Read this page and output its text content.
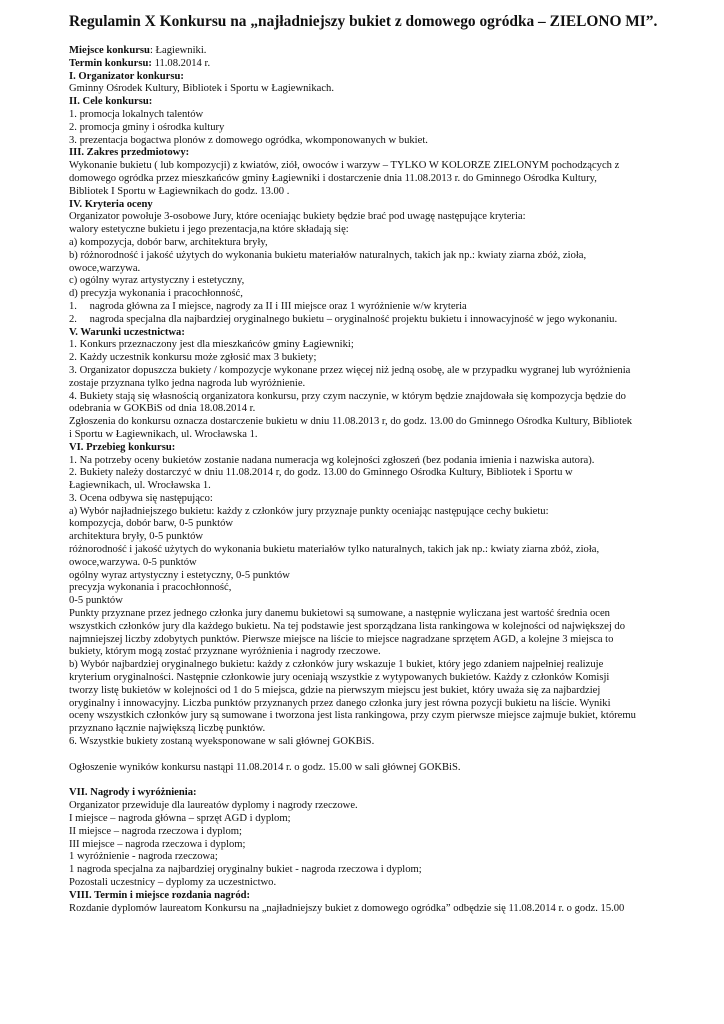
Regulamin X Konkursu na „najładniejszy bukiet z domowego ogródka – ZIELONO MI”.
Miejsce konkursu: Łagiewniki.
Termin konkursu: 11.08.2014 r.
I. Organizator konkursu:
Gminny Ośrodek Kultury, Bibliotek i Sportu w Łagiewnikach.
II. Cele konkursu:
1. promocja lokalnych talentów
2. promocja gminy i ośrodka kultury
3. prezentacja bogactwa plonów z domowego ogródka, wkomponowanych w bukiet.
III. Zakres przedmiotowy:
Wykonanie bukietu ( lub kompozycji) z kwiatów, ziół, owoców i warzyw – TYLKO W KOLORZE ZIELONYM pochodzących z
domowego ogródka przez mieszkańców gminy Łagiewniki i dostarczenie dnia 11.08.2013 r. do Gminnego Ośrodka Kultury,
Bibliotek I Sportu w Łagiewnikach do godz. 13.00 .
IV. Kryteria oceny
Organizator powołuje 3-osobowe Jury, które oceniając bukiety będzie brać pod uwagę następujące kryteria:
walory estetyczne bukietu i jego prezentacja,na które składają się:
a) kompozycja, dobór barw, architektura bryły,
b) różnorodność i jakość użytych do wykonania bukietu materiałów naturalnych, takich jak np.: kwiaty ziarna zbóż, zioła,
owoce,warzywa.
c) ogólny wyraz artystyczny i estetyczny,
d) precyzja wykonania i pracochłonność,
1. nagroda główna za I miejsce, nagrody za II i III miejsce oraz 1 wyróżnienie w/w kryteria
2. nagroda specjalna dla najbardziej oryginalnego bukietu – oryginalność projektu bukietu i innowacyjność w jego wykonaniu.
V. Warunki uczestnictwa:
1. Konkurs przeznaczony jest dla mieszkańców gminy Łagiewniki;
2. Każdy uczestnik konkursu może zgłosić max 3 bukiety;
3. Organizator dopuszcza bukiety / kompozycje wykonane przez więcej niż jedną osobę, ale w przypadku wygranej lub wyróżnienia
zostaje przyznana tylko jedna nagroda lub wyróżnienie.
4. Bukiety stają się własnością organizatora konkursu, przy czym naczynie, w którym będzie znajdowała się kompozycja będzie do
odebrania w GOKBiS od dnia 18.08.2014 r.
Zgłoszenia do konkursu oznacza dostarczenie bukietu w dniu 11.08.2013 r, do godz. 13.00 do Gminnego Ośrodka Kultury, Bibliotek
i Sportu w Łagiewnikach, ul. Wrocławska 1.
VI. Przebieg konkursu:
1. Na potrzeby oceny bukietów zostanie nadana numeracja wg kolejności zgłoszeń (bez podania imienia i nazwiska autora).
2. Bukiety należy dostarczyć w dniu 11.08.2014 r, do godz. 13.00 do Gminnego Ośrodka Kultury, Bibliotek i Sportu w
Łagiewnikach, ul. Wrocławska 1.
3. Ocena odbywa się następująco:
a) Wybór najładniejszego bukietu: każdy z członków jury przyznaje punkty oceniając następujące cechy bukietu:
kompozycja, dobór barw, 0-5 punktów
architektura bryły, 0-5 punktów
różnorodność i jakość użytych do wykonania bukietu materiałów tylko naturalnych, takich jak np.: kwiaty ziarna zbóż, zioła,
owoce,warzywa. 0-5 punktów
ogólny wyraz artystyczny i estetyczny, 0-5 punktów
precyzja wykonania i pracochłonność,
0-5 punktów
Punkty przyznane przez jednego członka jury danemu bukietowi są sumowane, a następnie wyliczana jest wartość średnia ocen
wszystkich członków jury dla każdego bukietu. Na tej podstawie jest sporządzana lista rankingowa w kolejności od największej do
najmniejszej liczby zdobytych punktów. Pierwsze miejsce na liście to miejsce nagradzane sprzętem AGD, a kolejne 3 miejsca to
bukiety, którym mogą zostać przyznane wyróżnienia i nagrody rzeczowe.
b) Wybór najbardziej oryginalnego bukietu: każdy z członków jury wskazuje 1 bukiet, który jego zdaniem najpełniej realizuje
kryterium oryginalności. Następnie członkowie jury oceniają wszystkie z wytypowanych bukietów. Każdy z członków Komisji
tworzy listę bukietów w kolejności od 1 do 5 miejsca, gdzie na pierwszym miejscu jest bukiet, który uważa się za najbardziej
oryginalny i innowacyjny. Liczba punktów przyznanych przez danego członka jury jest równa pozycji bukietu na liście. Wyniki
oceny wszystkich członków jury są sumowane i tworzona jest lista rankingowa, przy czym pierwsze miejsce zajmuje bukiet, któremu
przyznano łącznie największą liczbę punktów.
6. Wszystkie bukiety zostaną wyeksponowane w sali głównej GOKBiS.
Ogłoszenie wyników konkursu nastąpi 11.08.2014 r. o godz. 15.00 w sali głównej GOKBiS.
VII. Nagrody i wyróżnienia:
Organizator przewiduje dla laureatów dyplomy i nagrody rzeczowe.
I miejsce – nagroda główna – sprzęt AGD i dyplom;
II miejsce – nagroda rzeczowa i dyplom;
III miejsce – nagroda rzeczowa i dyplom;
1 wyróżnienie - nagroda rzeczowa;
1 nagroda specjalna za najbardziej oryginalny bukiet - nagroda rzeczowa i dyplom;
Pozostali uczestnicy – dyplomy za uczestnictwo.
VIII. Termin i miejsce rozdania nagród:
Rozdanie dyplomów laureatom Konkursu na „najładniejszy bukiet z domowego ogródka” odbędzie się 11.08.2014 r. o godz. 15.00
